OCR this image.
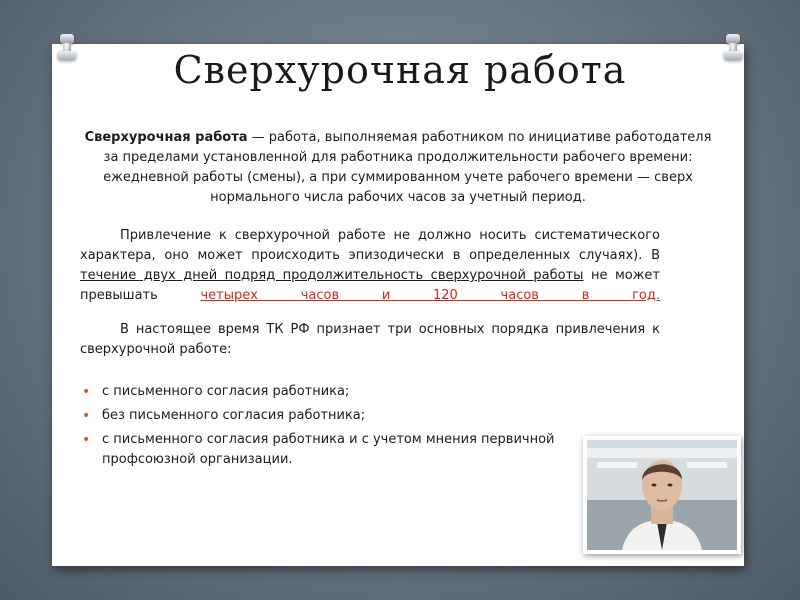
Сверхурочная работа
Сверхурочная работа — работа, выполняемая работником по инициативе работодателя за пределами установленной для работника продолжительности рабочего времени: ежедневной работы (смены), а при суммированном учете рабочего времени — сверх нормального числа рабочих часов за учетный период.
Привлечение к сверхурочной работе не должно носить систематического характера, оно может происходить эпизодически в определенных случаях). В течение двух дней подряд продолжительность сверхурочной работы не может превышать четырех часов и 120 часов в год.
В настоящее время ТК РФ признает три основных порядка привлечения к сверхурочной работе:
• с письменного согласия работника;
• без письменного согласия работника;
• с письменного согласия работника и с учетом мнения первичной профсоюзной организации.
